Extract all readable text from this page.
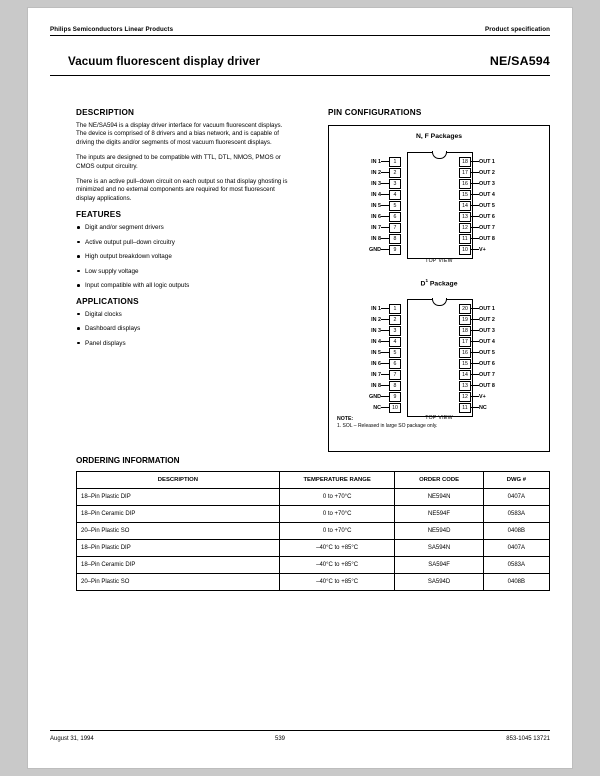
Philips Semiconductors Linear Products	Product specification
Vacuum fluorescent display driver	NE/SA594
DESCRIPTION

The NE/SA594 is a display driver interface for vacuum fluorescent displays. The device is comprised of 8 drivers and a bias network, and is capable of driving the digits and/or segments of most vacuum fluorescent displays.

The inputs are designed to be compatible with TTL, DTL, NMOS, PMOS or CMOS output circuitry.

There is an active pull–down circuit on each output so that display ghosting is minimized and no external components are required for most fluorescent display applications.

FEATURES
Digit and/or segment drivers
Active output pull–down circuitry
High output breakdown voltage
Low supply voltage
Input compatible with all logic outputs
APPLICATIONS
Digital clocks
Dashboard displays
Panel displays
PIN CONFIGURATIONS
N, F Packages
IN 1	1
IN 2	2
IN 3	3
IN 4	4
IN 5	5
IN 6	6
IN 7	7
IN 8	8
GND	9
18	OUT 1
17	OUT 2
16	OUT 3
15	OUT 4
14	OUT 5
13	OUT 6
12	OUT 7
11	OUT 8
10	V+
TOP VIEW
$D^1$ Package
IN 1	1
IN 2	2
IN 3	3
IN 4	4
IN 5	5
IN 6	6
IN 7	7
IN 8	8
GND	9
NC	10
20	OUT 1
19	OUT 2
18	OUT 3
17	OUT 4
16	OUT 5
15	OUT 6
14	OUT 7
13	OUT 8
12	V+
11	NC
TOP VIEW
NOTE:
1. SOL – Released in large SO package only.
ORDERING INFORMATION
DESCRIPTION	TEMPERATURE RANGE	ORDER CODE	DWG #
18–Pin Plastic DIP	0 to +70°C	NE594N	0407A
18–Pin Ceramic DIP	0 to +70°C	NE594F	0583A
20–Pin Plastic SO	0 to +70°C	NE594D	0408B
18–Pin Plastic DIP	–40°C to +85°C	SA594N	0407A
18–Pin Ceramic DIP	–40°C to +85°C	SA594F	0583A
20–Pin Plastic SO	–40°C to +85°C	SA594D	0408B
August 31, 1994	539	853-1045 13721
